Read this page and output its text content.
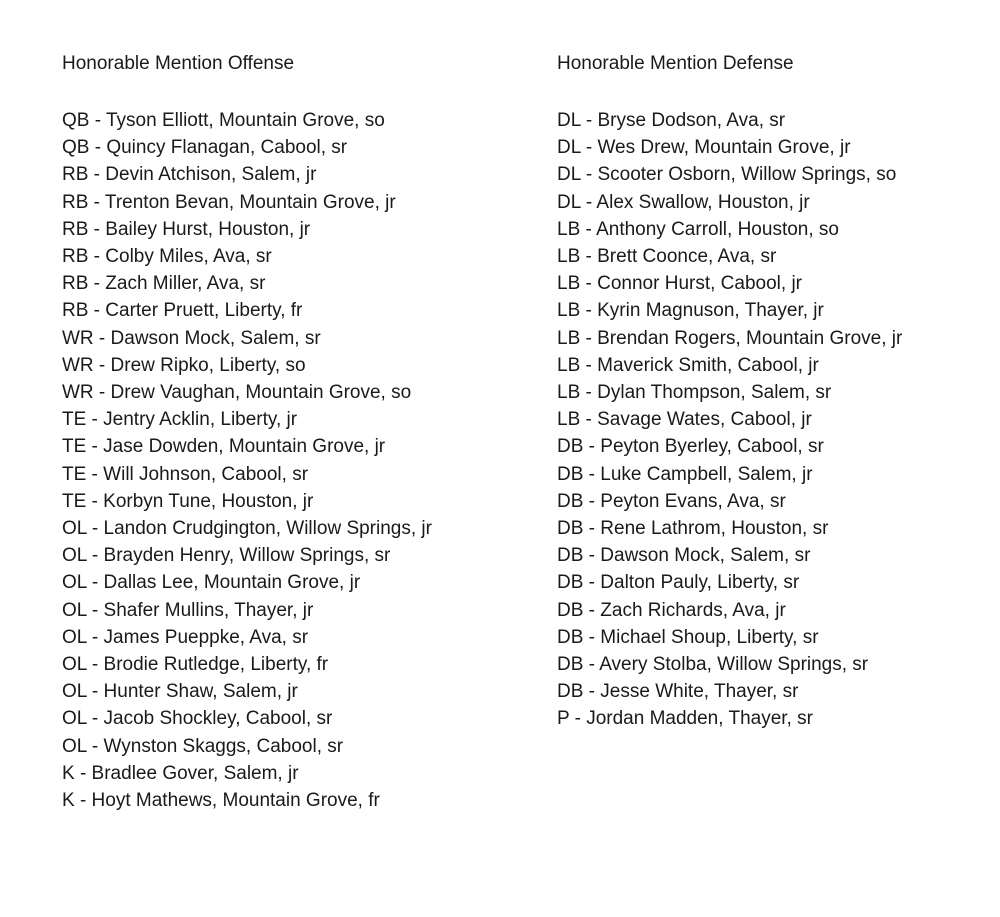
Honorable Mention Offense
QB - Tyson Elliott, Mountain Grove, so
QB - Quincy Flanagan, Cabool, sr
RB - Devin Atchison, Salem, jr
RB - Trenton Bevan, Mountain Grove, jr
RB - Bailey Hurst, Houston, jr
RB - Colby Miles, Ava, sr
RB - Zach Miller, Ava, sr
RB - Carter Pruett, Liberty, fr
WR - Dawson Mock, Salem, sr
WR - Drew Ripko, Liberty, so
WR - Drew Vaughan, Mountain Grove, so
TE - Jentry Acklin, Liberty, jr
TE - Jase Dowden, Mountain Grove, jr
TE - Will Johnson, Cabool, sr
TE - Korbyn Tune, Houston, jr
OL - Landon Crudgington, Willow Springs, jr
OL - Brayden Henry, Willow Springs, sr
OL - Dallas Lee, Mountain Grove, jr
OL - Shafer Mullins, Thayer, jr
OL - James Pueppke, Ava, sr
OL - Brodie Rutledge, Liberty, fr
OL - Hunter Shaw, Salem, jr
OL - Jacob Shockley, Cabool, sr
OL - Wynston Skaggs, Cabool, sr
K - Bradlee Gover, Salem, jr
K - Hoyt Mathews, Mountain Grove, fr
Honorable Mention Defense
DL - Bryse Dodson, Ava, sr
DL - Wes Drew, Mountain Grove, jr
DL - Scooter Osborn, Willow Springs, so
DL - Alex Swallow, Houston, jr
LB - Anthony Carroll, Houston, so
LB - Brett Coonce, Ava, sr
LB - Connor Hurst, Cabool, jr
LB - Kyrin Magnuson, Thayer, jr
LB - Brendan Rogers, Mountain Grove, jr
LB - Maverick Smith, Cabool, jr
LB - Dylan Thompson, Salem, sr
LB - Savage Wates, Cabool, jr
DB - Peyton Byerley, Cabool, sr
DB - Luke Campbell, Salem, jr
DB - Peyton Evans, Ava, sr
DB - Rene Lathrom, Houston, sr
DB - Dawson Mock, Salem, sr
DB - Dalton Pauly, Liberty, sr
DB - Zach Richards, Ava, jr
DB - Michael Shoup, Liberty, sr
DB - Avery Stolba, Willow Springs, sr
DB - Jesse White, Thayer, sr
P - Jordan Madden, Thayer, sr
